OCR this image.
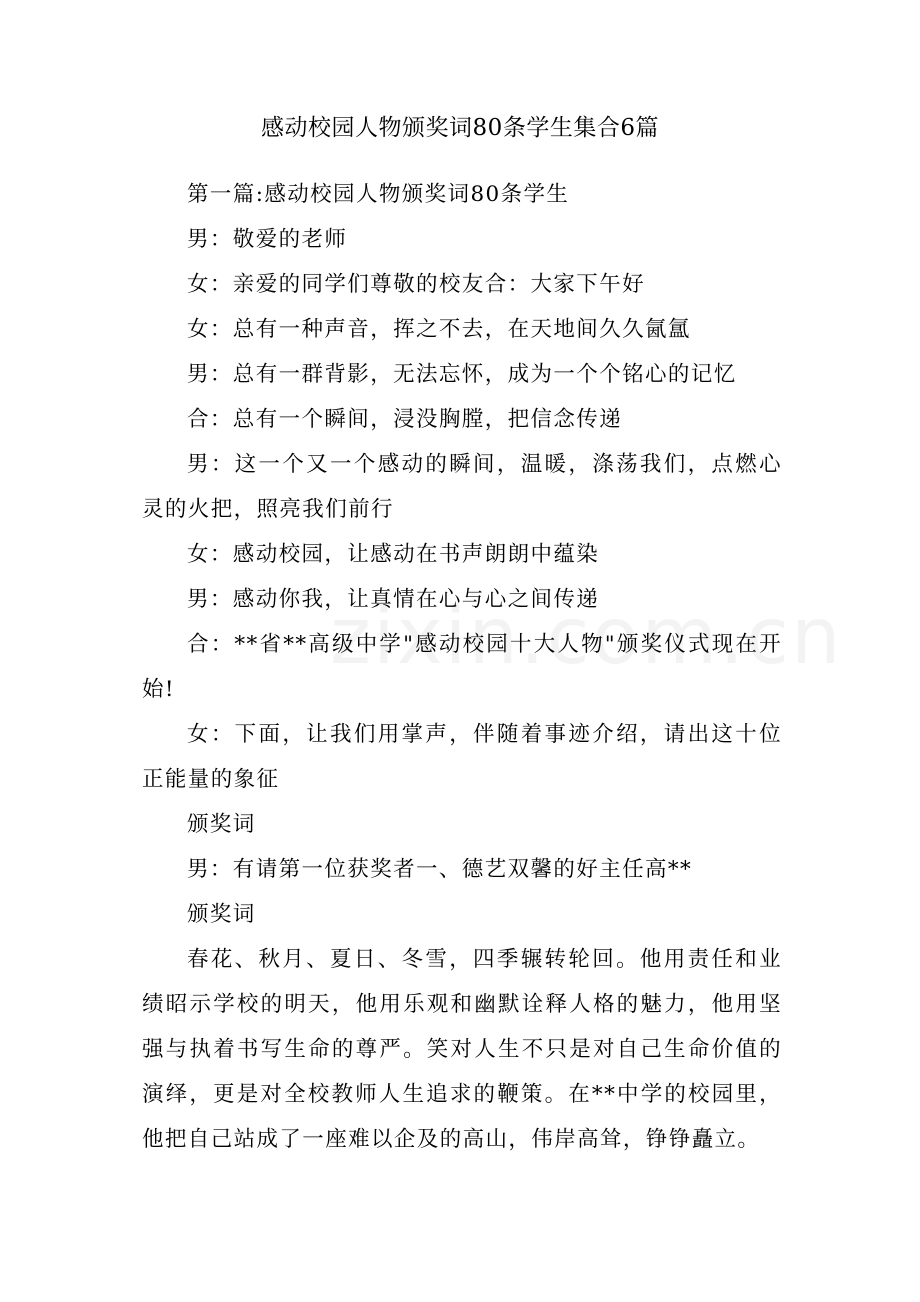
感动校园人物颁奖词80条学生集合6篇

第一篇:感动校园人物颁奖词80条学生

男：敬爱的老师

女：亲爱的同学们尊敬的校友合：大家下午好

女：总有一种声音，挥之不去，在天地间久久氤氲

男：总有一群背影，无法忘怀，成为一个个铭心的记忆

合：总有一个瞬间，浸没胸膛，把信念传递

男：这一个又一个感动的瞬间，温暖，涤荡我们，点燃心灵的火把，照亮我们前行

女：感动校园，让感动在书声朗朗中蕴染

男：感动你我，让真情在心与心之间传递

合：**省**高级中学"感动校园十大人物"颁奖仪式现在开始!

女：下面，让我们用掌声，伴随着事迹介绍，请出这十位正能量的象征

颁奖词

男：有请第一位获奖者一、德艺双馨的好主任高**

颁奖词

春花、秋月、夏日、冬雪，四季辗转轮回。他用责任和业绩昭示学校的明天，他用乐观和幽默诠释人格的魅力，他用坚强与执着书写生命的尊严。笑对人生不只是对自己生命价值的演绎，更是对全校教师人生追求的鞭策。在**中学的校园里，他把自己站成了一座难以企及的高山，伟岸高耸，铮铮矗立。
